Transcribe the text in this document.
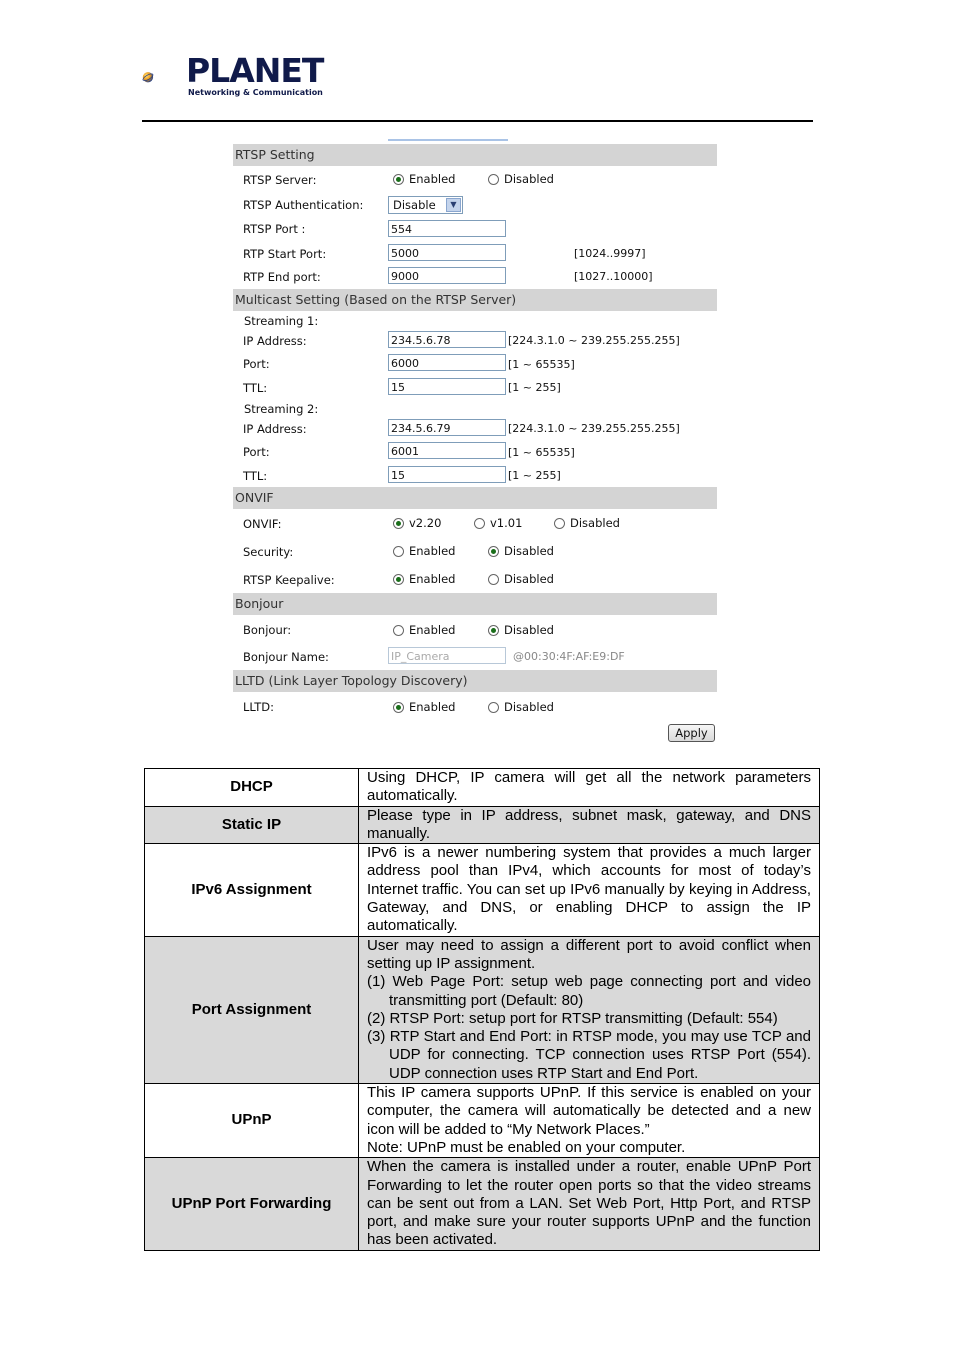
PLANET
Networking & Communication
RTSP Setting
RTSP Server:	Enabled	Disabled
RTSP Authentication:	Disable	▼
RTSP Port :	554
RTP Start Port:	5000	[1024..9997]
RTP End port:	9000	[1027..10000]
Multicast Setting (Based on the RTSP Server)
Streaming 1:
IP Address:	234.5.6.78	[224.3.1.0 ~ 239.255.255.255]
Port:	6000	[1 ~ 65535]
TTL:	15	[1 ~ 255]
Streaming 2:
IP Address:	234.5.6.79	[224.3.1.0 ~ 239.255.255.255]
Port:	6001	[1 ~ 65535]
TTL:	15	[1 ~ 255]
ONVIF
ONVIF:	v2.20	v1.01	Disabled
Security:	Enabled	Disabled
RTSP Keepalive:	Enabled	Disabled
Bonjour
Bonjour:	Enabled	Disabled
Bonjour Name:	IP_Camera	@00:30:4F:AF:E9:DF
LLTD (Link Layer Topology Discovery)
LLTD:	Enabled	Disabled
Apply
DHCP	Using DHCP, IP camera will get all the network parameters automatically.
Static IP	Please type in IP address, subnet mask, gateway, and DNS manually.
IPv6 Assignment	IPv6 is a newer numbering system that provides a much larger address pool than IPv4, which accounts for most of today’s Internet traffic. You can set up IPv6 manually by keying in Address, Gateway, and DNS, or enabling DHCP to assign the IP automatically.
Port Assignment	User may need to assign a different port to avoid conflict when setting up IP assignment.
(1) Web Page Port: setup web page connecting port and video transmitting port (Default: 80)
(2) RTSP Port: setup port for RTSP transmitting (Default: 554)
(3) RTP Start and End Port: in RTSP mode, you may use TCP and UDP for connecting. TCP connection uses RTSP Port (554). UDP connection uses RTP Start and End Port.

UPnP	This IP camera supports UPnP. If this service is enabled on your computer, the camera will automatically be detected and a new icon will be added to “My Network Places.”
Note: UPnP must be enabled on your computer.

UPnP Port Forwarding	When the camera is installed under a router, enable UPnP Port Forwarding to let the router open ports so that the video streams can be sent out from a LAN. Set Web Port, Http Port, and RTSP port, and make sure your router supports UPnP and the function has been activated.
